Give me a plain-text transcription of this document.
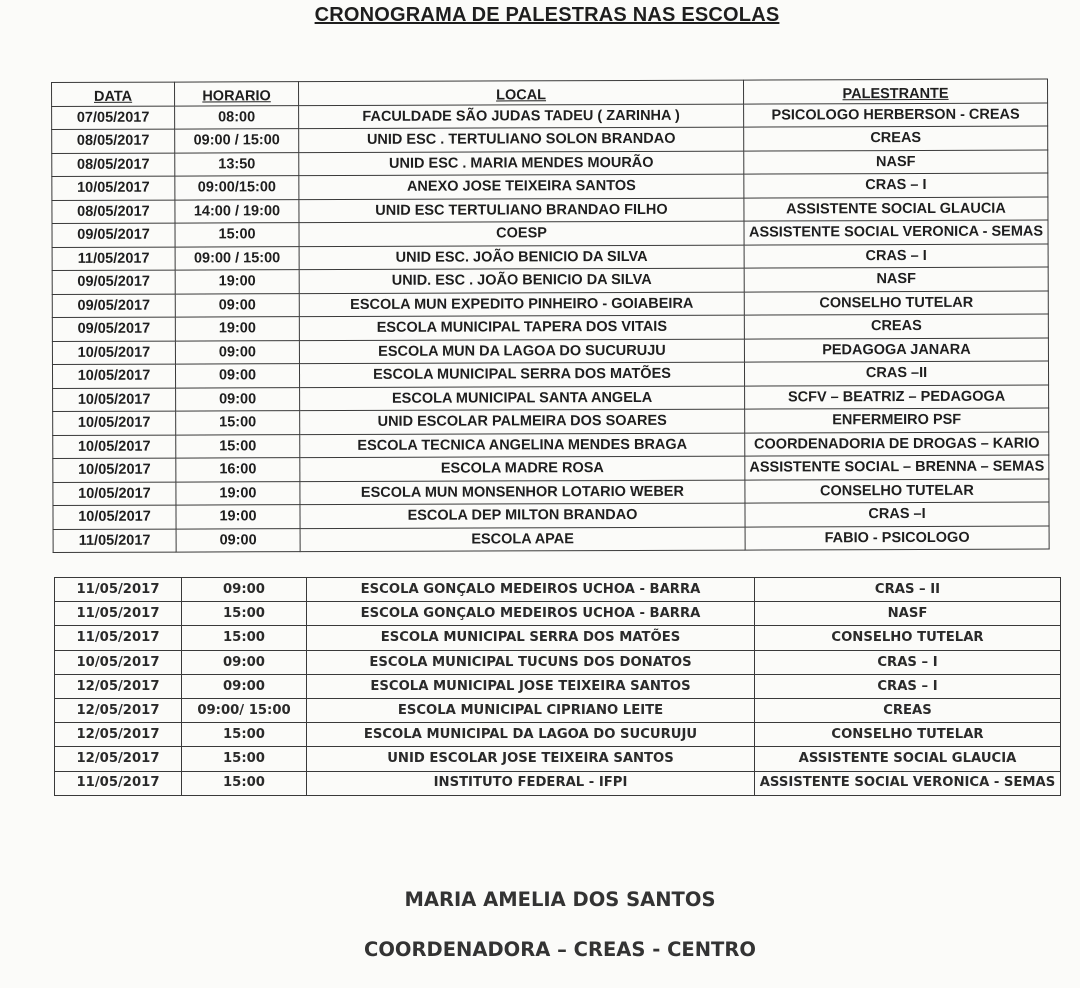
CRONOGRAMA DE PALESTRAS NAS ESCOLAS
DATA	HORARIO	LOCAL	PALESTRANTE
07/05/2017	08:00	FACULDADE SÃO JUDAS TADEU ( ZARINHA )	PSICOLOGO HERBERSON - CREAS
08/05/2017	09:00 / 15:00	UNID ESC . TERTULIANO SOLON BRANDAO	CREAS
08/05/2017	13:50	UNID ESC . MARIA MENDES MOURÃO	NASF
10/05/2017	09:00/15:00	ANEXO JOSE TEIXEIRA SANTOS	CRAS – I
08/05/2017	14:00 / 19:00	UNID ESC TERTULIANO BRANDAO FILHO	ASSISTENTE SOCIAL GLAUCIA
09/05/2017	15:00	COESP	ASSISTENTE SOCIAL VERONICA - SEMAS
11/05/2017	09:00 / 15:00	UNID ESC. JOÃO BENICIO DA SILVA	CRAS – I
09/05/2017	19:00	UNID. ESC . JOÃO BENICIO DA SILVA	NASF
09/05/2017	09:00	ESCOLA MUN EXPEDITO PINHEIRO - GOIABEIRA	CONSELHO TUTELAR
09/05/2017	19:00	ESCOLA MUNICIPAL TAPERA DOS VITAIS	CREAS
10/05/2017	09:00	ESCOLA MUN DA LAGOA DO SUCURUJU	PEDAGOGA JANARA
10/05/2017	09:00	ESCOLA MUNICIPAL SERRA DOS MATÕES	CRAS –II
10/05/2017	09:00	ESCOLA MUNICIPAL SANTA ANGELA	SCFV – BEATRIZ – PEDAGOGA
10/05/2017	15:00	UNID ESCOLAR PALMEIRA DOS SOARES	ENFERMEIRO PSF
10/05/2017	15:00	ESCOLA TECNICA ANGELINA MENDES BRAGA	COORDENADORIA DE DROGAS – KARIO
10/05/2017	16:00	ESCOLA MADRE ROSA	ASSISTENTE SOCIAL – BRENNA – SEMAS
10/05/2017	19:00	ESCOLA MUN MONSENHOR LOTARIO WEBER	CONSELHO TUTELAR
10/05/2017	19:00	ESCOLA DEP MILTON BRANDAO	CRAS –I
11/05/2017	09:00	ESCOLA APAE	FABIO - PSICOLOGO
11/05/2017	09:00	ESCOLA GONÇALO MEDEIROS UCHOA - BARRA	CRAS – II
11/05/2017	15:00	ESCOLA GONÇALO MEDEIROS UCHOA - BARRA	NASF
11/05/2017	15:00	ESCOLA MUNICIPAL SERRA DOS MATÕES	CONSELHO TUTELAR
10/05/2017	09:00	ESCOLA MUNICIPAL TUCUNS DOS DONATOS	CRAS – I
12/05/2017	09:00	ESCOLA MUNICIPAL JOSE TEIXEIRA SANTOS	CRAS – I
12/05/2017	09:00/ 15:00	ESCOLA MUNICIPAL CIPRIANO LEITE	CREAS
12/05/2017	15:00	ESCOLA MUNICIPAL DA LAGOA DO SUCURUJU	CONSELHO TUTELAR
12/05/2017	15:00	UNID ESCOLAR JOSE TEIXEIRA SANTOS	ASSISTENTE SOCIAL GLAUCIA
11/05/2017	15:00	INSTITUTO FEDERAL - IFPI	ASSISTENTE SOCIAL VERONICA - SEMAS
MARIA AMELIA DOS SANTOS
COORDENADORA – CREAS - CENTRO
